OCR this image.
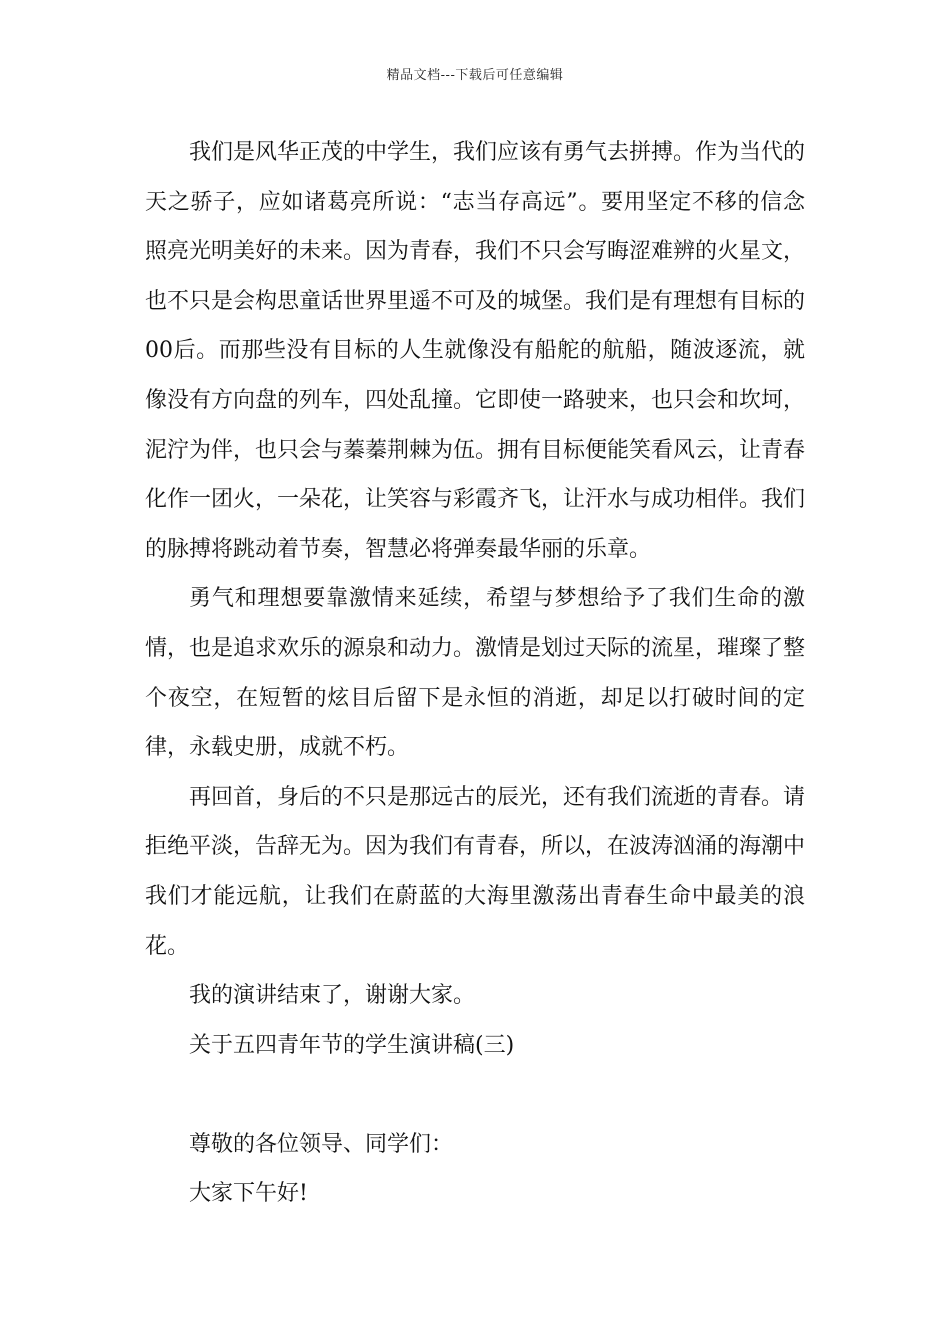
精品文档---下载后可任意编辑

我们是风华正茂的中学生，我们应该有勇气去拼搏。作为当代的天之骄子，应如诸葛亮所说：“志当存高远”。要用坚定不移的信念照亮光明美好的未来。因为青春，我们不只会写晦涩难辨的火星文，也不只是会构思童话世界里遥不可及的城堡。我们是有理想有目标的00后。而那些没有目标的人生就像没有船舵的航船，随波逐流，就像没有方向盘的列车，四处乱撞。它即使一路驶来，也只会和坎坷，泥泞为伴，也只会与蓁蓁荆棘为伍。拥有目标便能笑看风云，让青春化作一团火，一朵花，让笑容与彩霞齐飞，让汗水与成功相伴。我们的脉搏将跳动着节奏，智慧必将弹奏最华丽的乐章。

勇气和理想要靠激情来延续，希望与梦想给予了我们生命的激情，也是追求欢乐的源泉和动力。激情是划过天际的流星，璀璨了整个夜空，在短暂的炫目后留下是永恒的消逝，却足以打破时间的定律，永载史册，成就不朽。

再回首，身后的不只是那远古的辰光，还有我们流逝的青春。请拒绝平淡，告辞无为。因为我们有青春，所以，在波涛汹涌的海潮中我们才能远航，让我们在蔚蓝的大海里激荡出青春生命中最美的浪花。

我的演讲结束了，谢谢大家。

关于五四青年节的学生演讲稿(三)

尊敬的各位领导、同学们：

大家下午好!
